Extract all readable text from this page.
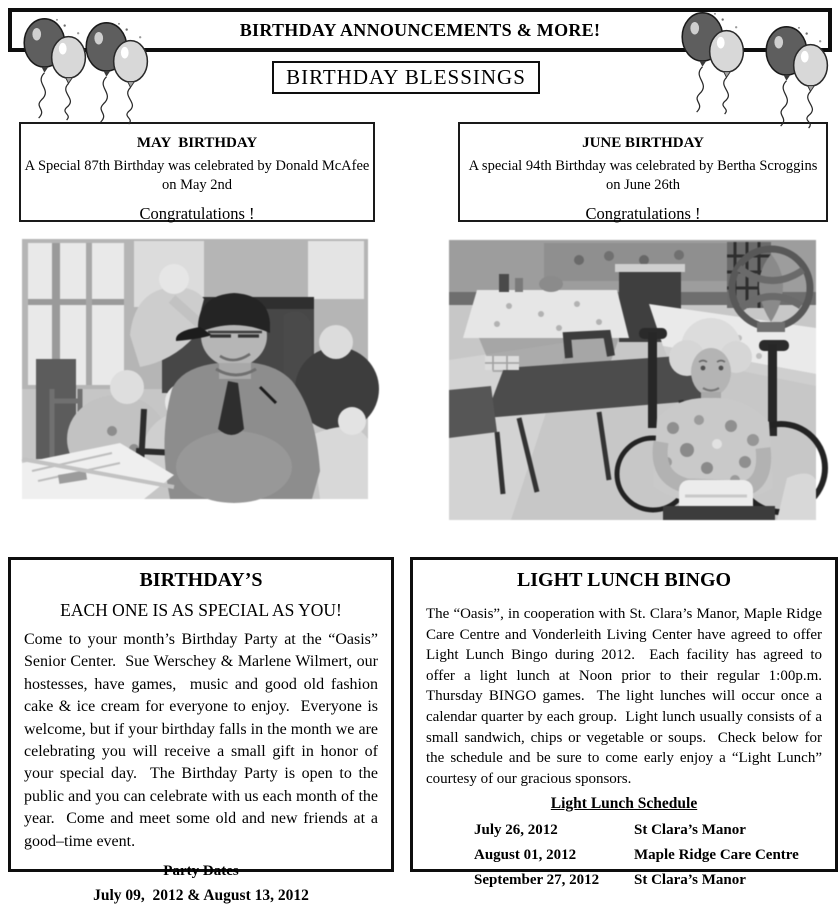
BIRTHDAY ANNOUNCEMENTS & MORE!
BIRTHDAY BLESSINGS
MAY  BIRTHDAY
A Special 87th Birthday was celebrated by Donald McAfee
on May 2nd
Congratulations !
JUNE BIRTHDAY
A special 94th Birthday was celebrated by Bertha Scroggins
on June 26th
Congratulations !
BIRTHDAY’S
EACH ONE IS AS SPECIAL AS YOU!
Come to your month’s Birthday Party at the “Oasis” Senior Center.  Sue Werschey & Marlene Wilmert, our hostesses, have games,  music and good old fashion cake & ice cream for everyone to enjoy.  Everyone is welcome, but if your birthday falls in the month we are celebrating you will receive a small gift in honor of your special day.  The Birthday Party is open to the public and you can celebrate with us each month of the year.  Come and meet some old and new friends at a good–time event.
Party Dates
July 09,  2012 & August 13, 2012
LIGHT LUNCH BINGO
The “Oasis”, in cooperation with St. Clara’s Manor, Maple Ridge Care Centre and Vonderleith Living Center have agreed to offer Light Lunch Bingo during 2012.  Each facility has agreed to  offer a light lunch at Noon prior to their regular 1:00p.m.    Thursday BINGO games.  The light lunches will occur once a  calendar quarter by each group.  Light lunch usually consists of a small sandwich, chips or vegetable or soups.  Check below for the schedule and be sure to come early enjoy a “Light Lunch” courtesy of our gracious sponsors.
Light Lunch Schedule
July 26, 2012	St Clara’s Manor
August 01, 2012	Maple Ridge Care Centre
September 27, 2012	St Clara’s Manor
